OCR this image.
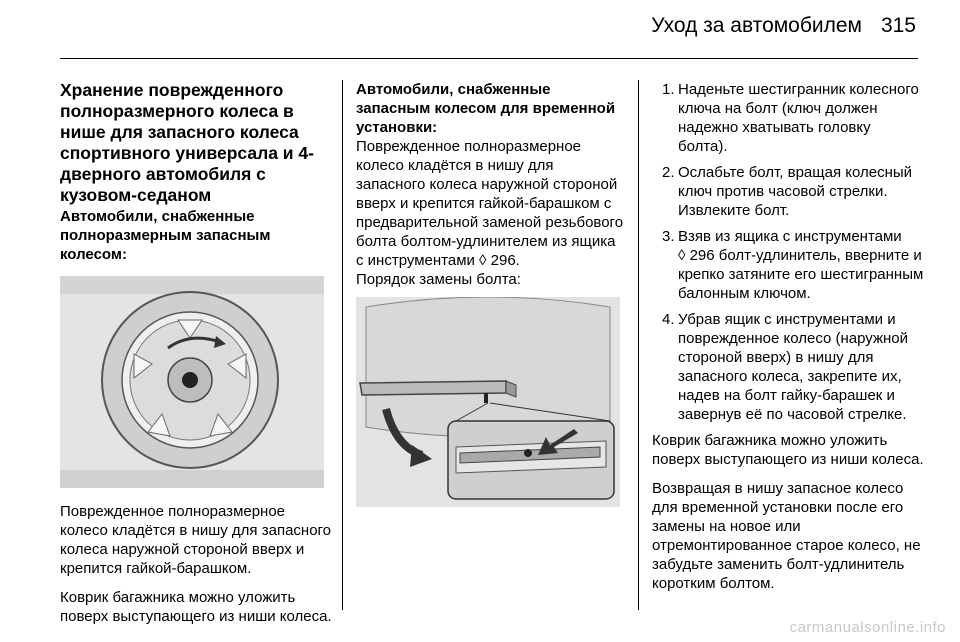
Уход за автомобилем 315
Хранение поврежденного полноразмерного колеса в нише для запасного колеса спортивного универсала и 4-дверного автомобиля с кузовом-седаном
Автомобили, снабженные полноразмерным запасным колесом:
Поврежденное полноразмерное колесо кладётся в нишу для запасного колеса наружной стороной вверх и крепится гайкой-барашком.
Коврик багажника можно уложить поверх выступающего из ниши колеса.
Автомобили, снабженные запасным колесом для временной установки:
Поврежденное полноразмерное колесо кладётся в нишу для запасного колеса наружной стороной вверх и крепится гайкой-барашком с предварительной заменой резьбового болта болтом-удлинителем из ящика с инструментами ◊ 296.
Порядок замены болта:
1. Наденьте шестигранник колесного ключа на болт (ключ должен надежно хватывать головку болта).
2. Ослабьте болт, вращая колесный ключ против часовой стрелки. Извлеките болт.
3. Взяв из ящика с инструментами
◊ 296 болт-удлинитель, вверните и крепко затяните его шестигранным балонным ключом.
4. Убрав ящик с инструментами и поврежденное колесо (наружной стороной вверх) в нишу для запасного колеса, закрепите их, надев на болт гайку-барашек и завернув её по часовой стрелке.
Коврик багажника можно уложить поверх выступающего из ниши колеса.
Возвращая в нишу запасное колесо для временной установки после его замены на новое или отремонтированное старое колесо, не забудьте заменить болт-удлинитель коротким болтом.
carmanualsonline.info
